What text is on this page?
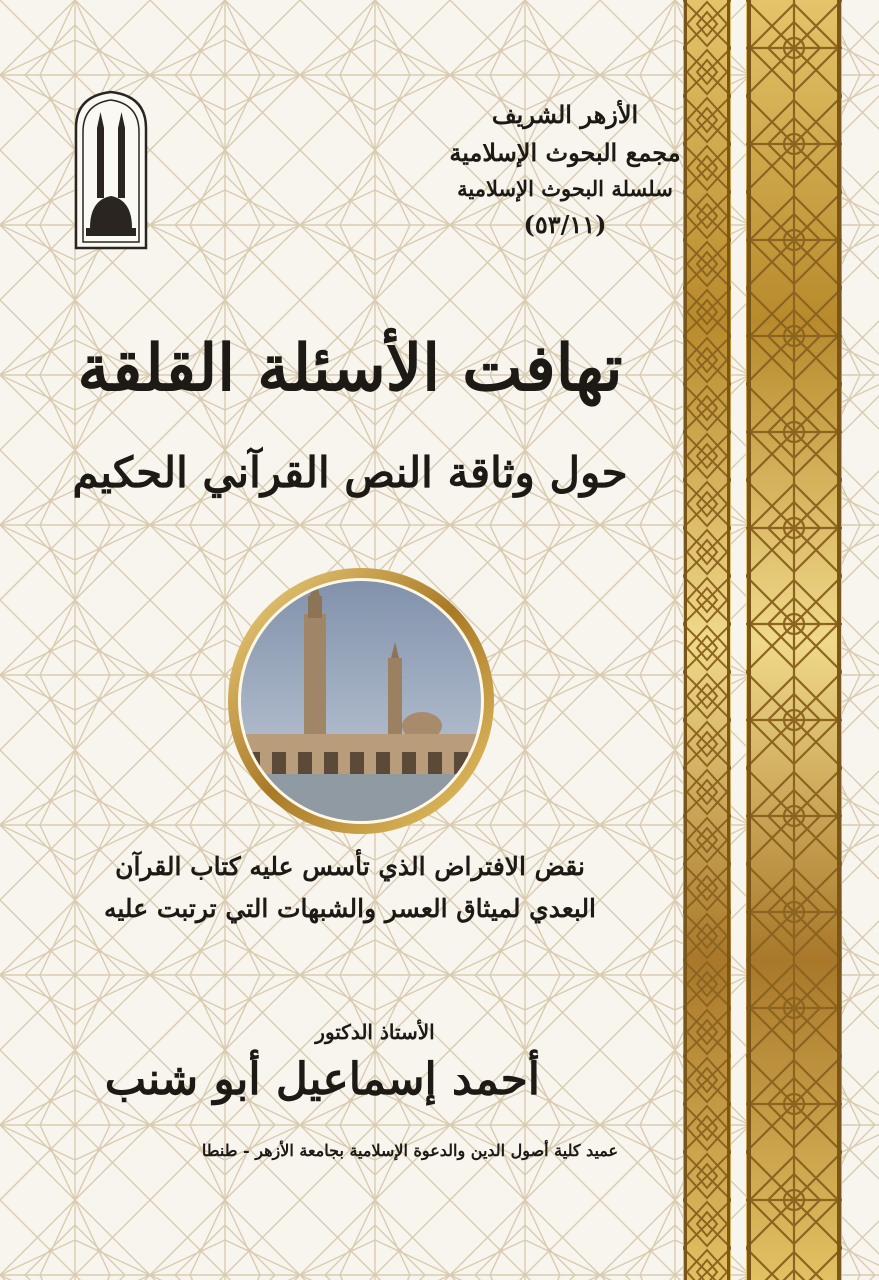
الأزهر الشريف
مجمع البحوث الإسلامية
سلسلة البحوث الإسلامية
(٥٣/١١)
تهافت الأسئلة القلقة
حول وثاقة النص القرآني الحكيم
نقض الافتراض الذي تأسس عليه كتاب القرآن
البعدي لميثاق العسر والشبهات التي ترتبت عليه
الأستاذ الدكتور
أحمد إسماعيل أبو شنب
عميد كلية أصول الدين والدعوة الإسلامية بجامعة الأزهر - طنطا
